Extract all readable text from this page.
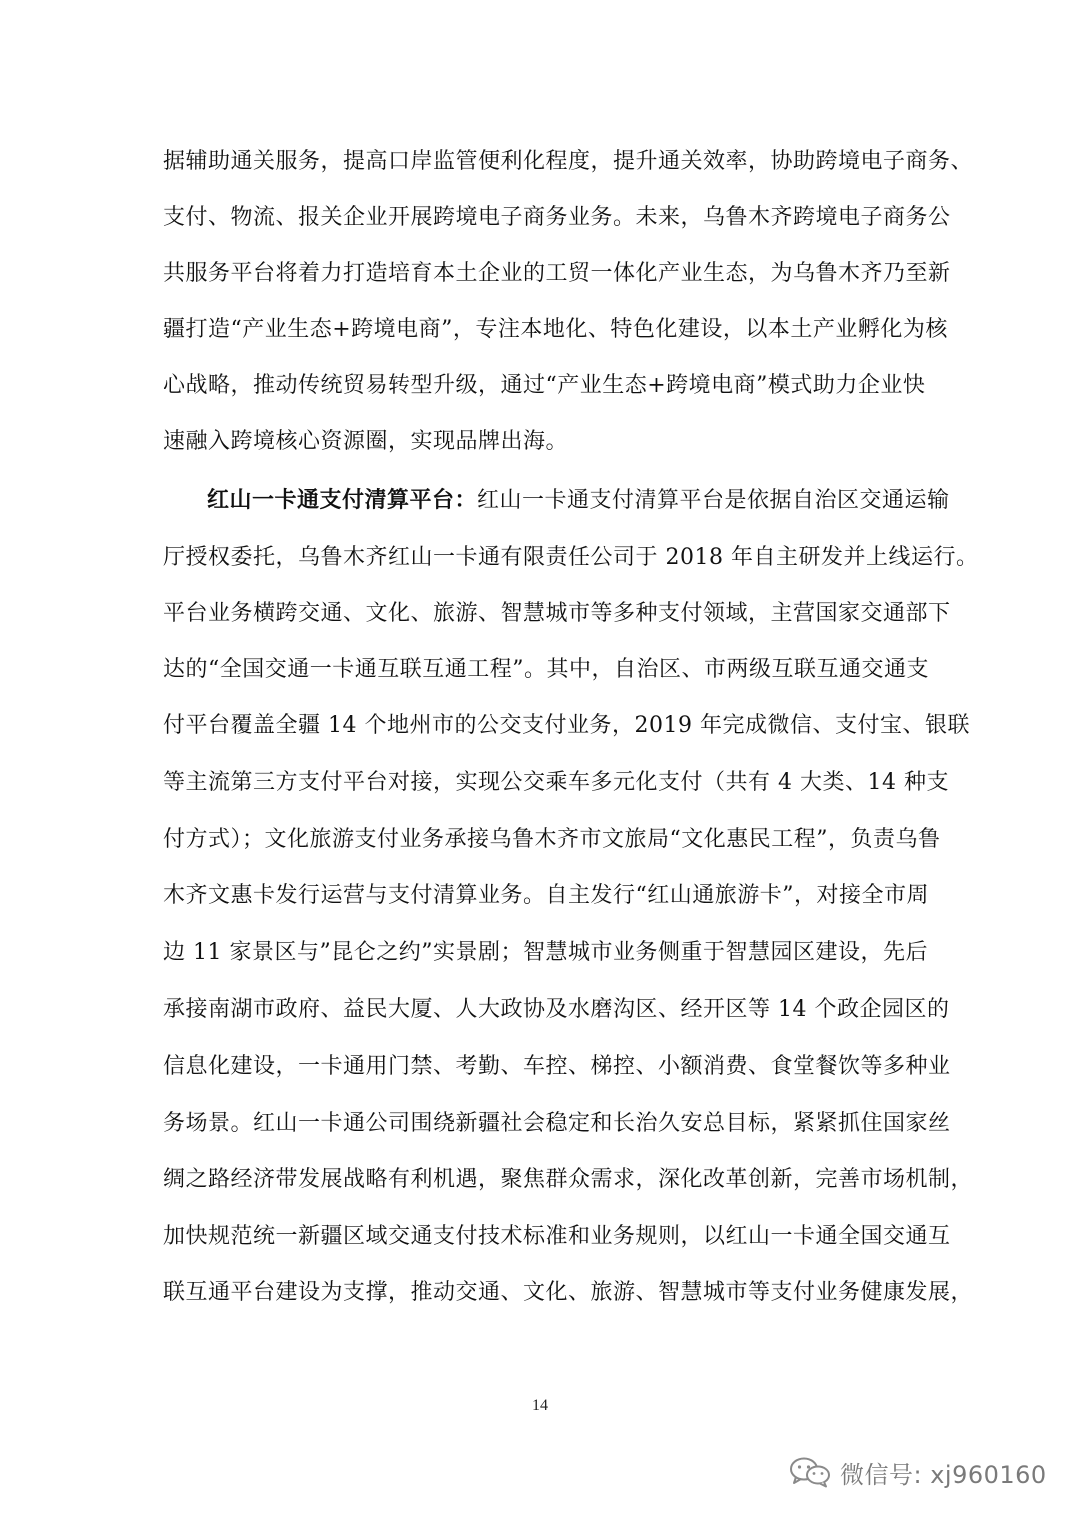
据辅助通关服务，提高口岸监管便利化程度，提升通关效率，协助跨境电子商务、
支付、物流、报关企业开展跨境电子商务业务。未来，乌鲁木齐跨境电子商务公
共服务平台将着力打造培育本土企业的工贸一体化产业生态，为乌鲁木齐乃至新
疆打造“产业生态+跨境电商”，专注本地化、特色化建设，以本土产业孵化为核
心战略，推动传统贸易转型升级，通过“产业生态+跨境电商”模式助力企业快
速融入跨境核心资源圈，实现品牌出海。
红山一卡通支付清算平台：红山一卡通支付清算平台是依据自治区交通运输
厅授权委托，乌鲁木齐红山一卡通有限责任公司于 2018 年自主研发并上线运行。
平台业务横跨交通、文化、旅游、智慧城市等多种支付领域，主营国家交通部下
达的“全国交通一卡通互联互通工程”。其中，自治区、市两级互联互通交通支
付平台覆盖全疆 14 个地州市的公交支付业务，2019 年完成微信、支付宝、银联
等主流第三方支付平台对接，实现公交乘车多元化支付（共有 4 大类、14 种支
付方式）；文化旅游支付业务承接乌鲁木齐市文旅局“文化惠民工程”，负责乌鲁
木齐文惠卡发行运营与支付清算业务。自主发行“红山通旅游卡”，对接全市周
边 11 家景区与”昆仑之约”实景剧；智慧城市业务侧重于智慧园区建设，先后
承接南湖市政府、益民大厦、人大政协及水磨沟区、经开区等 14 个政企园区的
信息化建设，一卡通用门禁、考勤、车控、梯控、小额消费、食堂餐饮等多种业
务场景。红山一卡通公司围绕新疆社会稳定和长治久安总目标，紧紧抓住国家丝
绸之路经济带发展战略有利机遇，聚焦群众需求，深化改革创新，完善市场机制，
加快规范统一新疆区域交通支付技术标准和业务规则，以红山一卡通全国交通互
联互通平台建设为支撑，推动交通、文化、旅游、智慧城市等支付业务健康发展，
14
微信号: xj960160
